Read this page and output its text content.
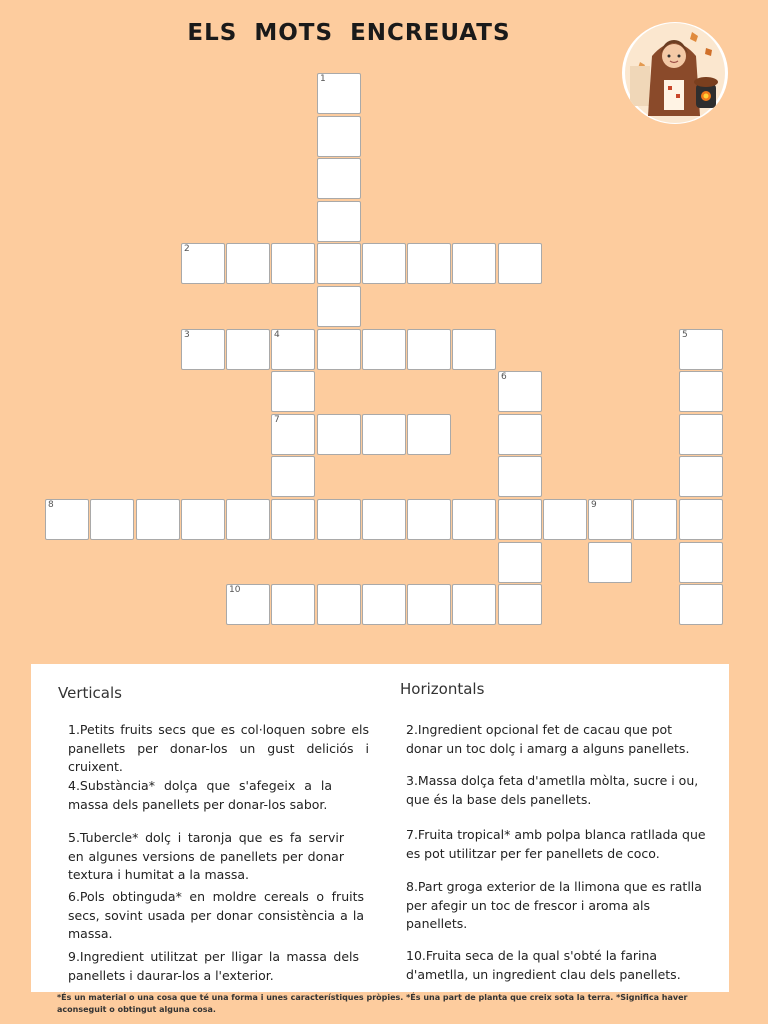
ELS MOTS ENCREUATS
1
2
3	4	5
6
7
8	9
10
Verticals	Horizontals

1.Petits fruits secs que es col·loquen sobre els panellets per donar-los un gust deliciós i cruixent.

4.Substància* dolça que s'afegeix a la massa dels panellets per donar-los sabor.

5.Tubercle* dolç i taronja que es fa servir en algunes versions de panellets per donar textura i humitat a la massa.

6.Pols obtinguda* en moldre cereals o fruits secs, sovint usada per donar consistència a la massa.

9.Ingredient utilitzat per lligar la massa dels panellets i daurar-los a l'exterior.

2.Ingredient opcional fet de cacau que pot donar un toc dolç i amarg a alguns panellets.

3.Massa dolça feta d'ametlla mòlta, sucre i ou, que és la base dels panellets.

7.Fruita tropical* amb polpa blanca ratllada que es pot utilitzar per fer panellets de coco.

8.Part groga exterior de la llimona que es ratlla per afegir un toc de frescor i aroma als panellets.

10.Fruita seca de la qual s'obté la farina d'ametlla, un ingredient clau dels panellets.

*És un material o una cosa que té una forma i unes característiques pròpies. *És una part de planta que creix sota la terra. *Significa haver aconseguit o obtingut alguna cosa.
